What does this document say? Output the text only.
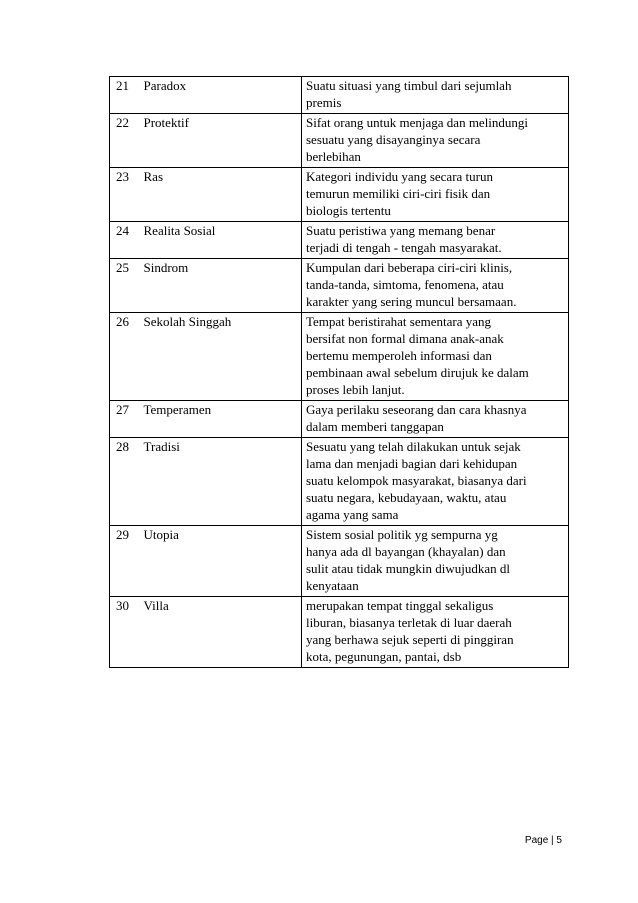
21	Paradox	Suatu situasi yang timbul dari sejumlah
premis

22	Protektif	Sifat orang untuk menjaga dan melindungi
sesuatu yang disayanginya secara
berlebihan

23	Ras	Kategori individu yang secara turun
temurun memiliki ciri-ciri fisik dan
biologis tertentu

24	Realita Sosial	Suatu peristiwa yang memang benar
terjadi di tengah - tengah masyarakat.

25	Sindrom	Kumpulan dari beberapa ciri-ciri klinis,
tanda-tanda, simtoma, fenomena, atau
karakter yang sering muncul bersamaan.

26	Sekolah Singgah	Tempat beristirahat sementara yang
bersifat non formal dimana anak-anak
bertemu memperoleh informasi dan
pembinaan awal sebelum dirujuk ke dalam
proses lebih lanjut.

27	Temperamen	Gaya perilaku seseorang dan cara khasnya
dalam memberi tanggapan

28	Tradisi	Sesuatu yang telah dilakukan untuk sejak
lama dan menjadi bagian dari kehidupan
suatu kelompok masyarakat, biasanya dari
suatu negara, kebudayaan, waktu, atau
agama yang sama

29	Utopia	Sistem sosial politik yg sempurna yg
hanya ada dl bayangan (khayalan) dan
sulit atau tidak mungkin diwujudkan dl
kenyataan

30	Villa	merupakan tempat tinggal sekaligus
liburan, biasanya terletak di luar daerah
yang berhawa sejuk seperti di pinggiran
kota, pegunungan, pantai, dsb
Page | 5
